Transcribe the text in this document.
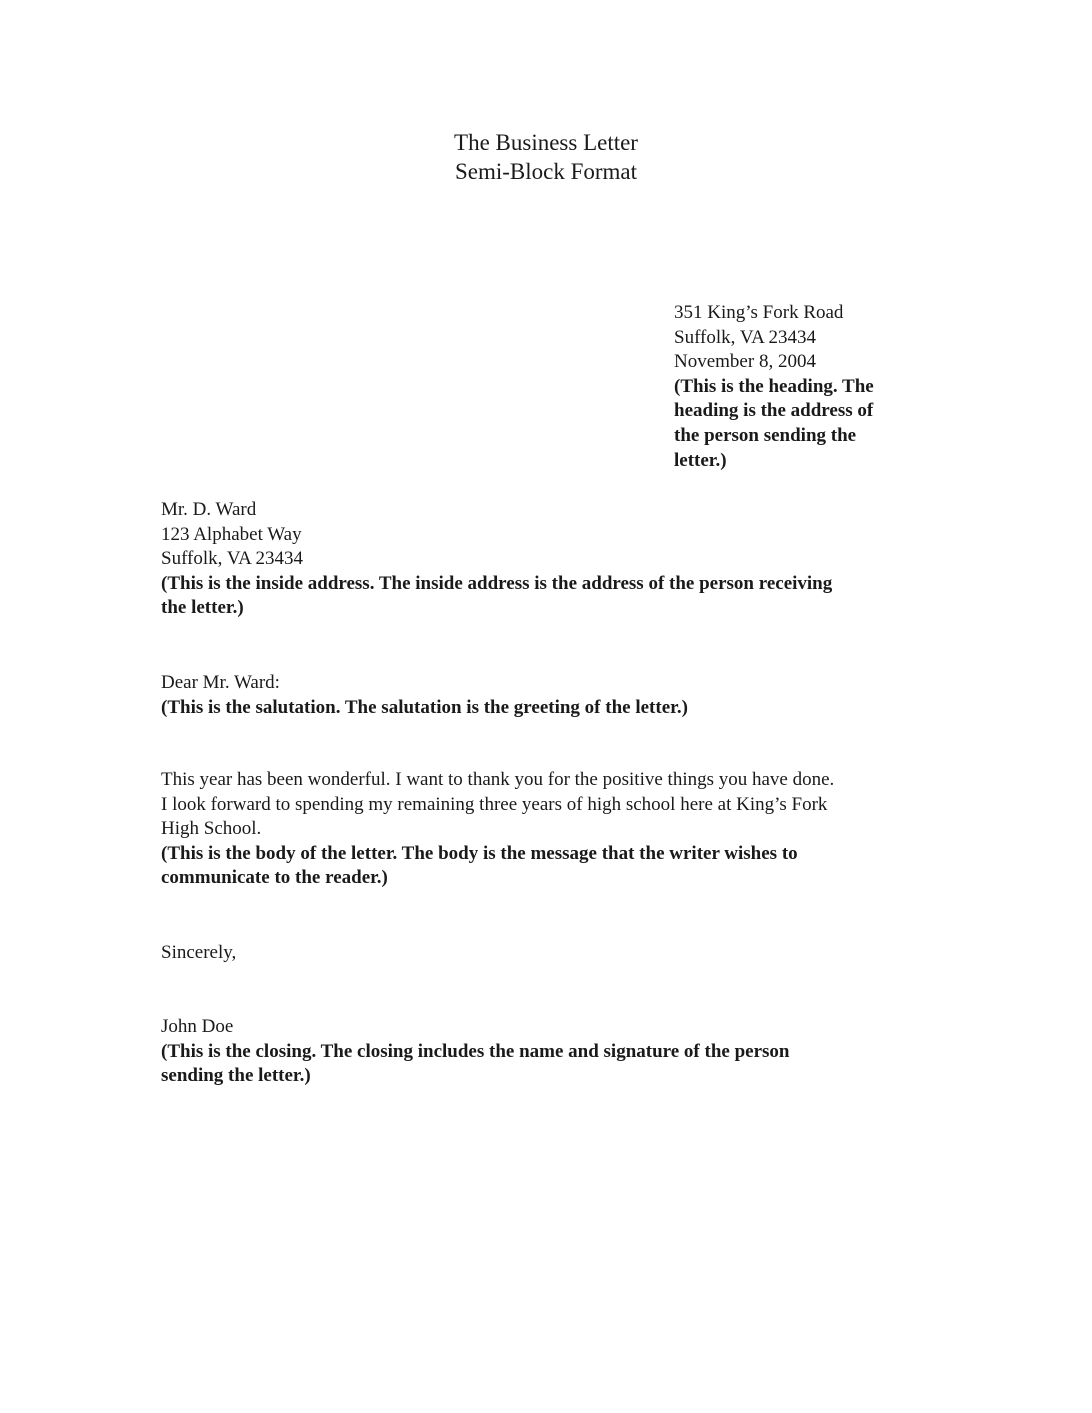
The Business Letter
Semi-Block Format
351 King’s Fork Road
Suffolk, VA 23434
November 8, 2004
(This is the heading. The
heading is the address of
the person sending the
letter.)
Mr. D. Ward
123 Alphabet Way
Suffolk, VA 23434
(This is the inside address. The inside address is the address of the person receiving
the letter.)
Dear Mr. Ward:
(This is the salutation. The salutation is the greeting of the letter.)
This year has been wonderful. I want to thank you for the positive things you have done.
I look forward to spending my remaining three years of high school here at King’s Fork
High School.
(This is the body of the letter. The body is the message that the writer wishes to
communicate to the reader.)
Sincerely,
John Doe
(This is the closing. The closing includes the name and signature of the person
sending the letter.)
